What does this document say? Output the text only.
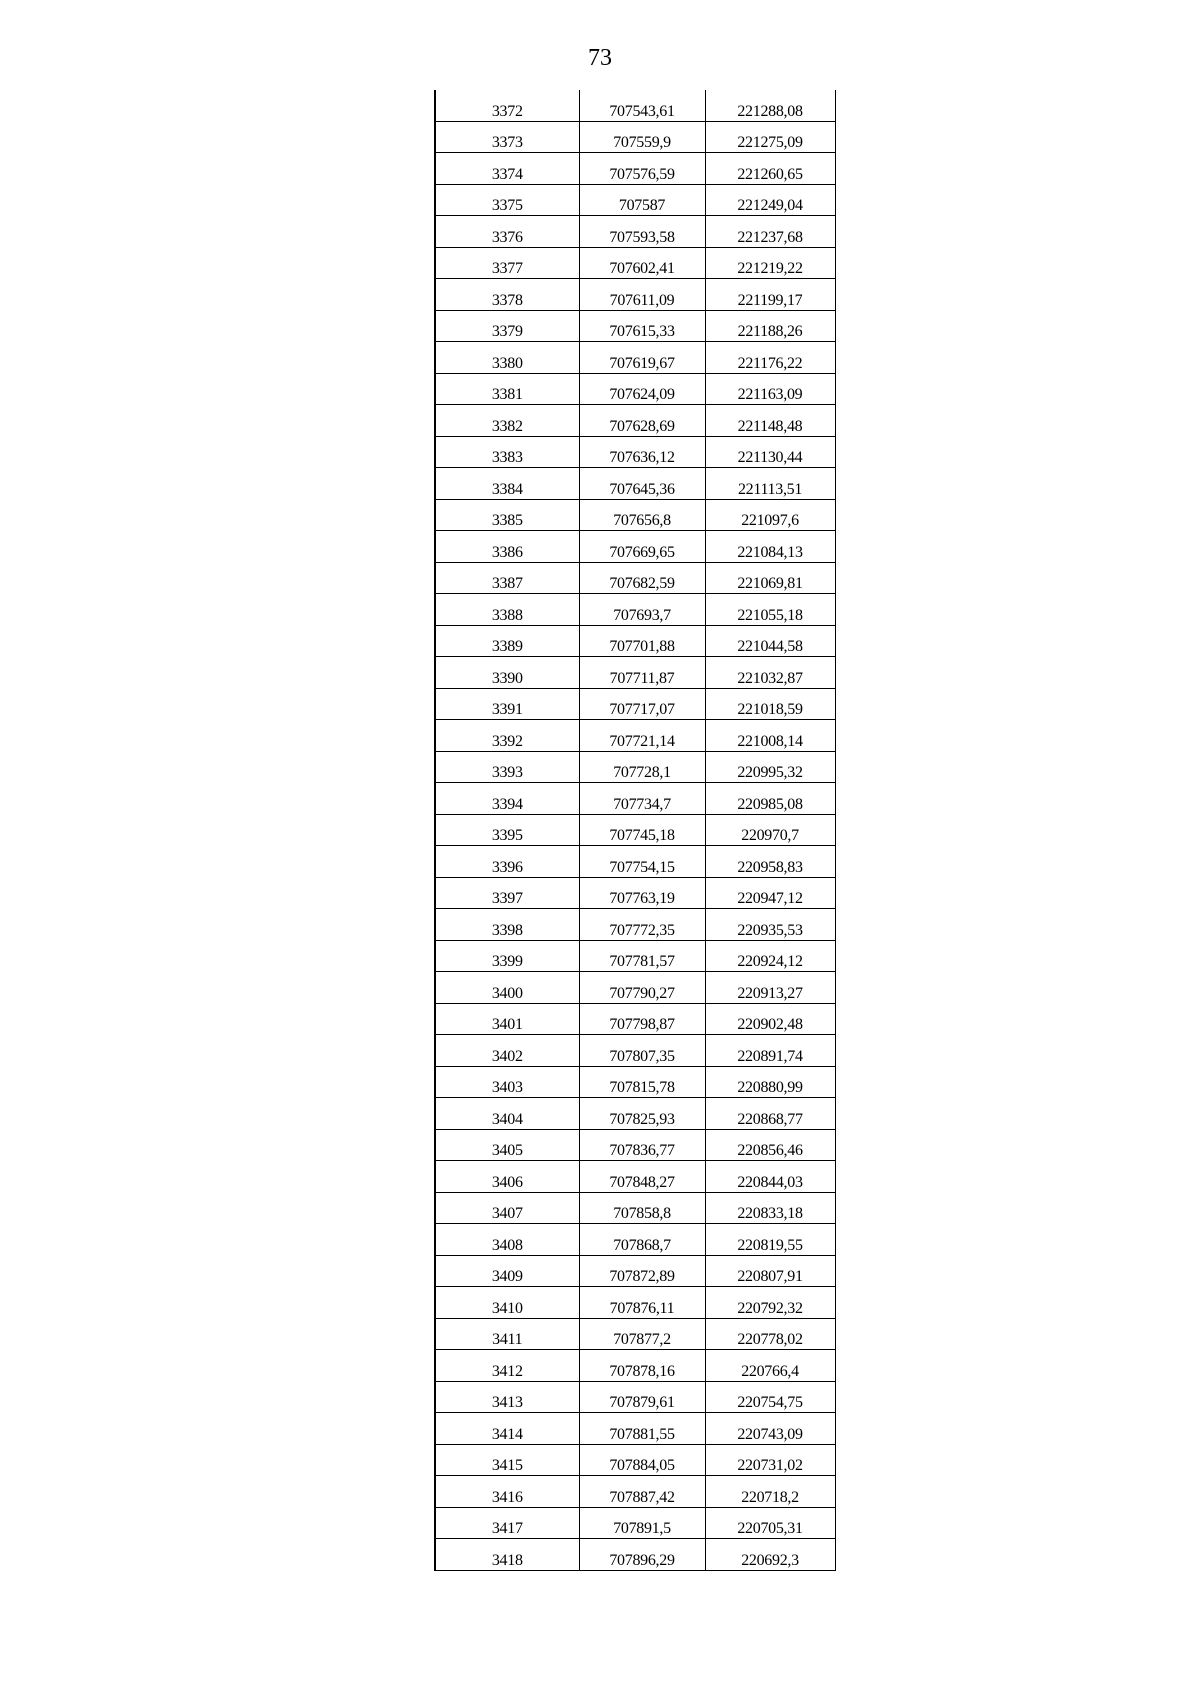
73
3372	707543,61	221288,08
3373	707559,9	221275,09
3374	707576,59	221260,65
3375	707587	221249,04
3376	707593,58	221237,68
3377	707602,41	221219,22
3378	707611,09	221199,17
3379	707615,33	221188,26
3380	707619,67	221176,22
3381	707624,09	221163,09
3382	707628,69	221148,48
3383	707636,12	221130,44
3384	707645,36	221113,51
3385	707656,8	221097,6
3386	707669,65	221084,13
3387	707682,59	221069,81
3388	707693,7	221055,18
3389	707701,88	221044,58
3390	707711,87	221032,87
3391	707717,07	221018,59
3392	707721,14	221008,14
3393	707728,1	220995,32
3394	707734,7	220985,08
3395	707745,18	220970,7
3396	707754,15	220958,83
3397	707763,19	220947,12
3398	707772,35	220935,53
3399	707781,57	220924,12
3400	707790,27	220913,27
3401	707798,87	220902,48
3402	707807,35	220891,74
3403	707815,78	220880,99
3404	707825,93	220868,77
3405	707836,77	220856,46
3406	707848,27	220844,03
3407	707858,8	220833,18
3408	707868,7	220819,55
3409	707872,89	220807,91
3410	707876,11	220792,32
3411	707877,2	220778,02
3412	707878,16	220766,4
3413	707879,61	220754,75
3414	707881,55	220743,09
3415	707884,05	220731,02
3416	707887,42	220718,2
3417	707891,5	220705,31
3418	707896,29	220692,3
